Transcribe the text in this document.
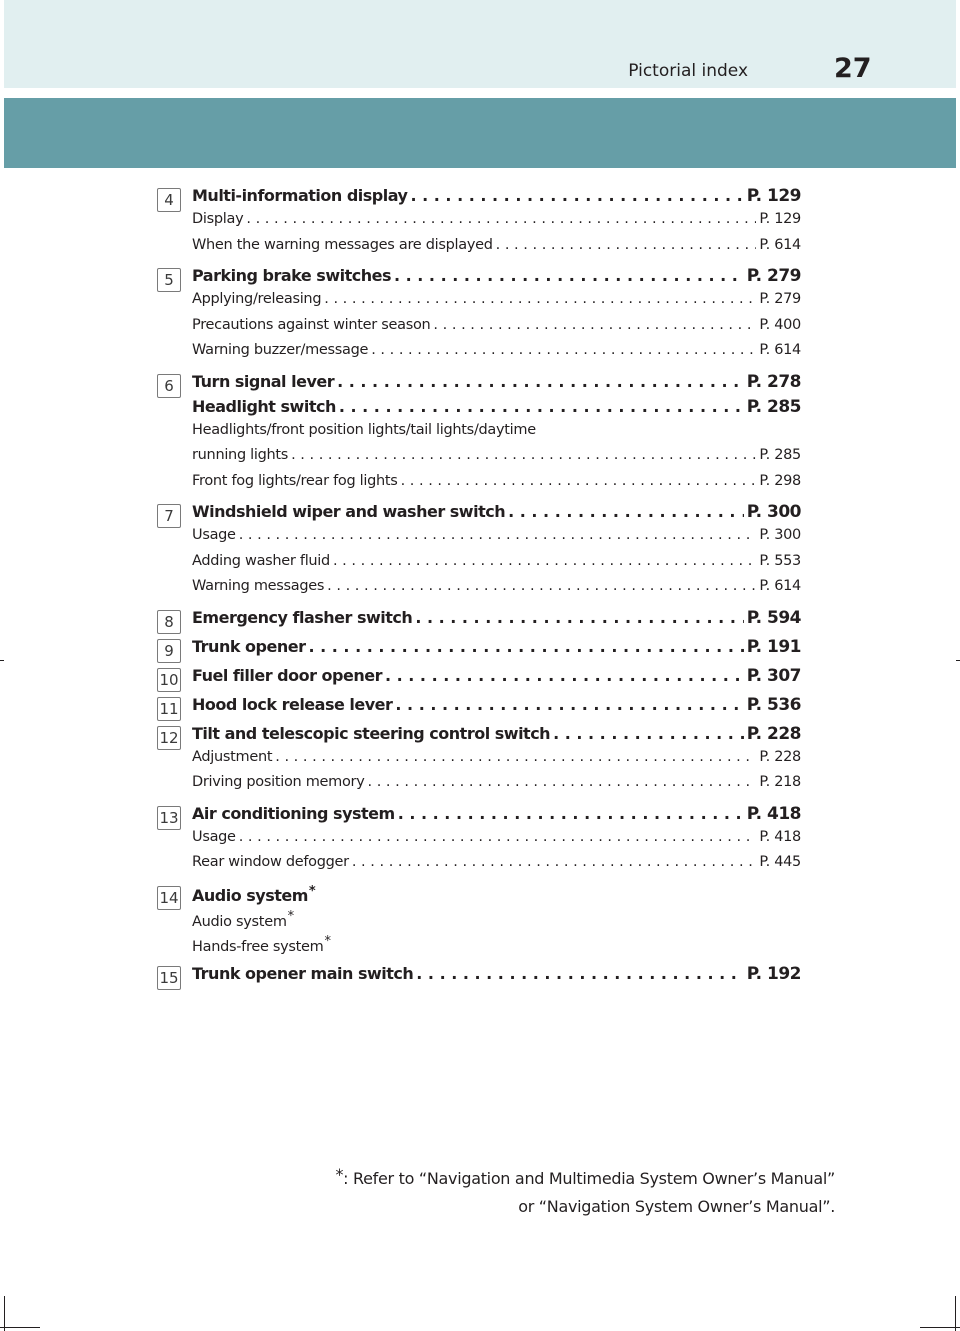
Pictorial index	27
4	Multi-information display . . .	P. 129
Display . . .	P. 129
When the warning messages are displayed . . .	P. 614
5	Parking brake switches . . .	P. 279
Applying/releasing . . .	P. 279
Precautions against winter season . . .	P. 400
Warning buzzer/message . . .	P. 614
6	Turn signal lever . . .	P. 278
Headlight switch . . .	P. 285
Headlights/front position lights/tail lights/daytime
running lights . . .	P. 285
Front fog lights/rear fog lights . . .	P. 298
7	Windshield wiper and washer switch . . .	P. 300
Usage . . .	P. 300
Adding washer fluid . . .	P. 553
Warning messages . . .	P. 614
8	Emergency flasher switch . . .	P. 594
9	Trunk opener . . .	P. 191
10 Fuel filler door opener . . .	P. 307
11 Hood lock release lever . . .	P. 536
12 Tilt and telescopic steering control switch . . .	P. 228
Adjustment . . .	P. 228
Driving position memory . . .	P. 218
13 Air conditioning system . . .	P. 418
Usage . . .	P. 418
Rear window defogger . . .	P. 445
14 Audio system*
Audio system*
Hands-free system*
15 Trunk opener main switch . . .	P. 192
*: Refer to “Navigation and Multimedia System Owner’s Manual”
or “Navigation System Owner’s Manual”.
